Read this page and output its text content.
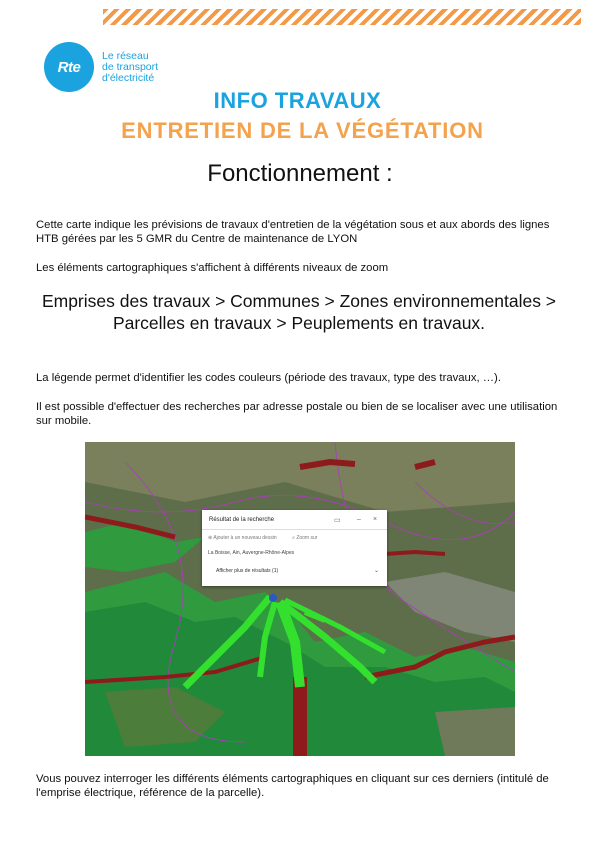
Rte
Le réseau
de transport
d'électricité
INFO TRAVAUX
ENTRETIEN DE LA VÉGÉTATION
Fonctionnement :
Cette carte indique les prévisions de travaux d'entretien de la végétation sous et aux abords des lignes HTB gérées par les 5 GMR du Centre de maintenance de LYON
Les éléments cartographiques s'affichent à différents niveaux de zoom
Emprises des travaux > Communes > Zones environnementales > Parcelles en travaux > Peuplements en travaux.
La légende permet d'identifier les codes couleurs (période des travaux, type des travaux, …).
Il est possible d'effectuer des recherches par adresse postale ou bien de se localiser avec une utilisation sur mobile.
Résultat de la recherche	▭ – ×
⊕ Ajouter à un nouveau dessin	⌕ Zoom sur
La Boisse, Ain, Auvergne-Rhône-Alpes
Afficher plus de résultats (1)	⌄
Vous pouvez interroger les différents éléments cartographiques en cliquant sur ces derniers (intitulé de l'emprise électrique, référence de la parcelle).
